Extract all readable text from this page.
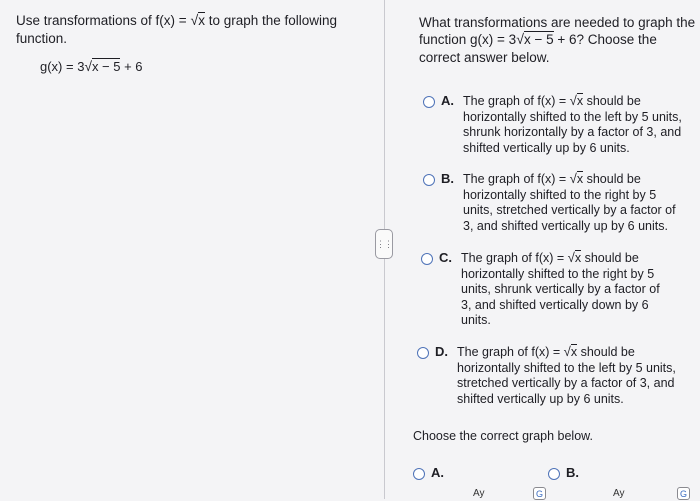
Use transformations of f(x) = √x to graph the following function.
g(x) = 3√x − 5 + 6
⋮⋮
What transformations are needed to graph the function g(x) = 3√x − 5 + 6? Choose the correct answer below.
A. The graph of f(x) = √x should be horizontally shifted to the left by 5 units, shrunk horizontally by a factor of 3, and shifted vertically up by 6 units.
B. The graph of f(x) = √x should be horizontally shifted to the right by 5 units, stretched vertically by a factor of 3, and shifted vertically up by 6 units.
C. The graph of f(x) = √x should be horizontally shifted to the right by 5 units, shrunk vertically by a factor of 3, and shifted vertically down by 6 units.
D. The graph of f(x) = √x should be horizontally shifted to the left by 5 units, stretched vertically by a factor of 3, and shifted vertically up by 6 units.
Choose the correct graph below.
A.
Ay	G
B.
Ay	G
